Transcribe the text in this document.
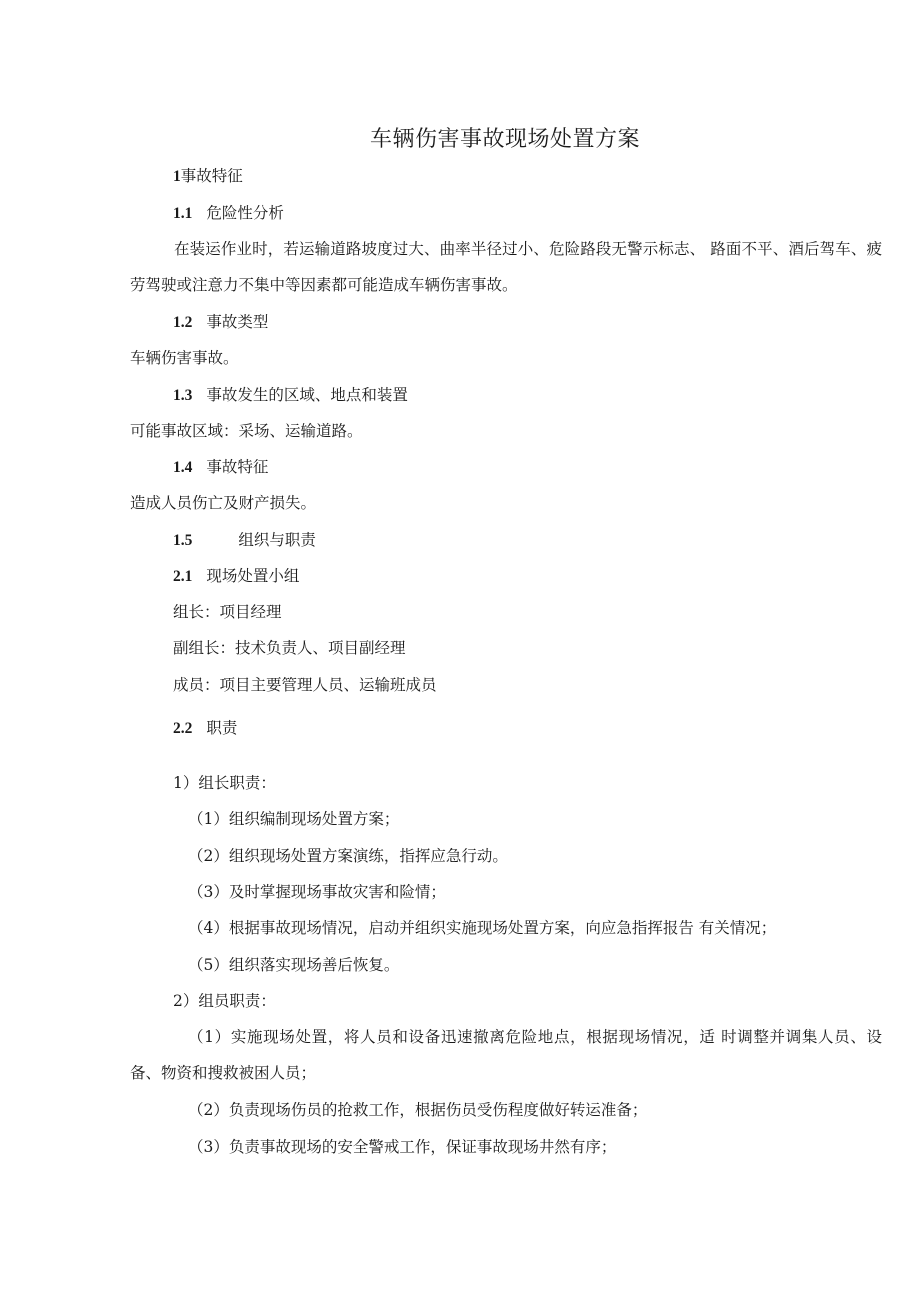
车辆伤害事故现场处置方案
1事故特征
1.1 危险性分析
在装运作业时，若运输道路坡度过大、曲率半径过小、危险路段无警示标志、 路面不平、酒后驾车、疲劳驾驶或注意力不集中等因素都可能造成车辆伤害事故。
1.2 事故类型
车辆伤害事故。
1.3 事故发生的区域、地点和装置
可能事故区域：采场、运输道路。
1.4 事故特征
造成人员伤亡及财产损失。
1.5	组织与职责
2.1 现场处置小组
组长：项目经理
副组长：技术负责人、项目副经理
成员：项目主要管理人员、运输班成员
2.2 职责
1）组长职责：
（1）组织编制现场处置方案；
（2）组织现场处置方案演练，指挥应急行动。
（3）及时掌握现场事故灾害和险情；
（4）根据事故现场情况，启动并组织实施现场处置方案，向应急指挥报告 有关情况；
（5）组织落实现场善后恢复。
2）组员职责：
（1）实施现场处置，将人员和设备迅速撤离危险地点，根据现场情况，适 时调整并调集人员、设备、物资和搜救被困人员；
（2）负责现场伤员的抢救工作，根据伤员受伤程度做好转运准备；
（3）负责事故现场的安全警戒工作，保证事故现场井然有序；
